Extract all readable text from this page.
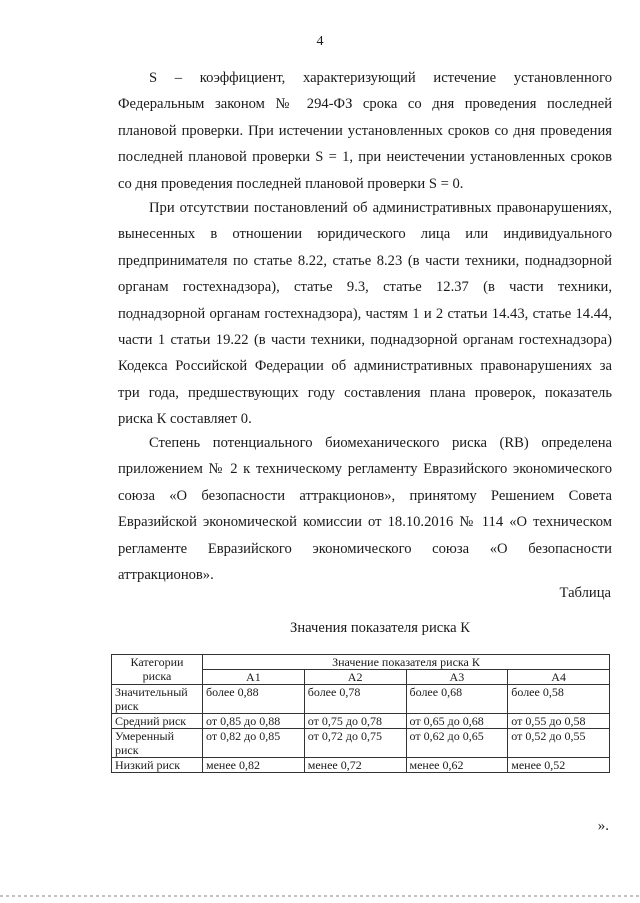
4

S – коэффициент, характеризующий истечение установленного Федеральным законом № 294-ФЗ срока со дня проведения последней плановой проверки. При истечении установленных сроков со дня проведения последней плановой проверки S = 1, при неистечении установленных сроков со дня проведения последней плановой проверки S = 0.

При отсутствии постановлений об административных правонарушениях, вынесенных в отношении юридического лица или индивидуального предпринимателя по статье 8.22, статье 8.23 (в части техники, поднадзорной органам гостехнадзора), статье 9.3, статье 12.37 (в части техники, поднадзорной органам гостехнадзора), частям 1 и 2 статьи 14.43, статье 14.44, части 1 статьи 19.22 (в части техники, поднадзорной органам гостехнадзора) Кодекса Российской Федерации об административных правонарушениях за три года, предшествующих году составления плана проверок, показатель риска К составляет 0.

Степень потенциального биомеханического риска (RB) определена приложением № 2 к техническому регламенту Евразийского экономического союза «О безопасности аттракционов», принятому Решением Совета Евразийской экономической комиссии от 18.10.2016 № 114 «О техническом регламенте Евразийского экономического союза «О безопасности аттракционов».

Таблица
Значения показателя риска К
Категории риска	Значение показателя риска К			
	A1	A2	A3	A4
Значительный риск	более 0,88	более 0,78	более 0,68	более 0,58
Средний риск	от 0,85 до 0,88	от 0,75 до 0,78	от 0,65 до 0,68	от 0,55 до 0,58
Умеренный риск	от 0,82 до 0,85	от 0,72 до 0,75	от 0,62 до 0,65	от 0,52 до 0,55
Низкий риск	менее 0,82	менее 0,72	менее 0,62	менее 0,52
».
